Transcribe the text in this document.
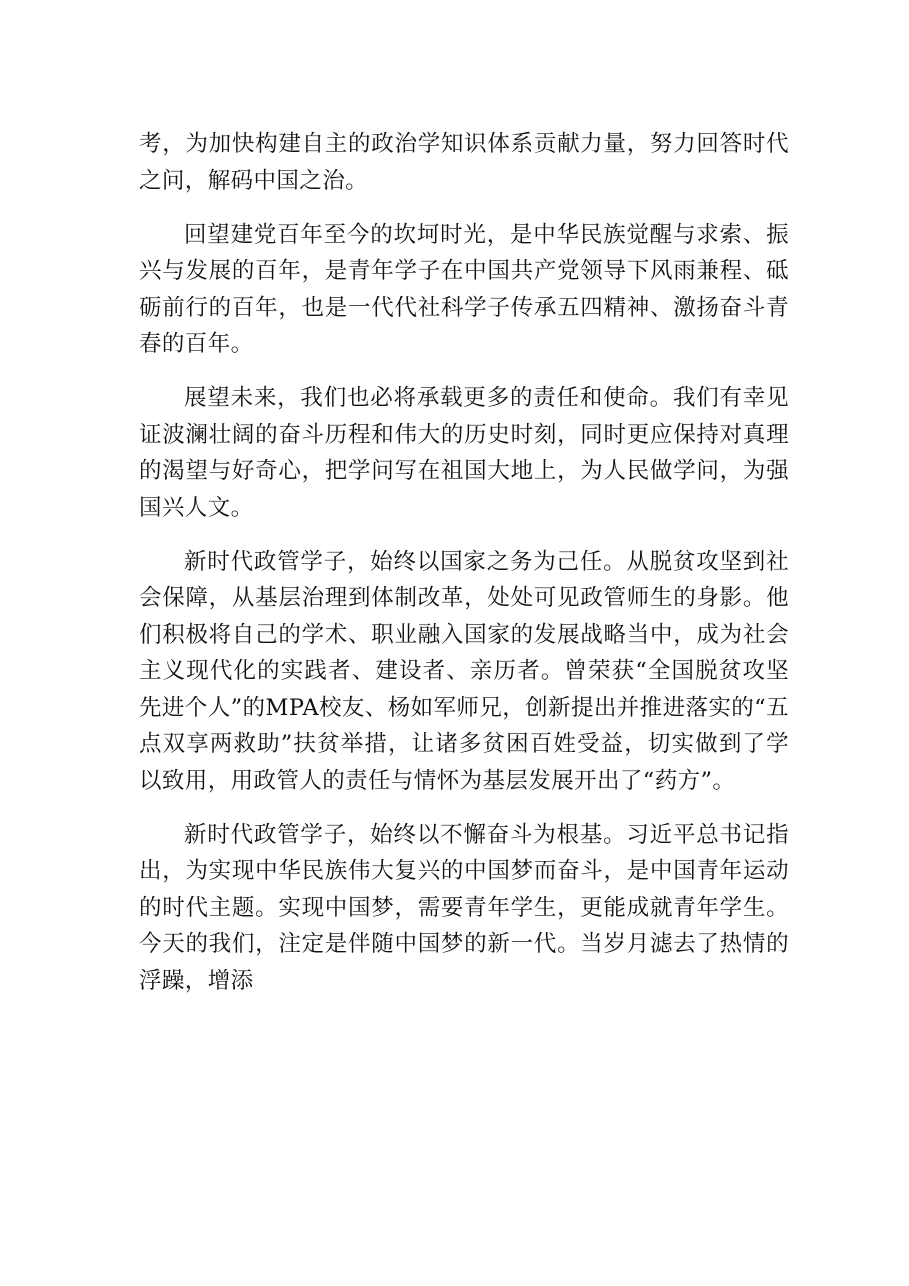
考，为加快构建自主的政治学知识体系贡献力量，努力回答时代之问，解码中国之治。

回望建党百年至今的坎坷时光，是中华民族觉醒与求索、振兴与发展的百年，是青年学子在中国共产党领导下风雨兼程、砥砺前行的百年，也是一代代社科学子传承五四精神、激扬奋斗青春的百年。

展望未来，我们也必将承载更多的责任和使命。我们有幸见证波澜壮阔的奋斗历程和伟大的历史时刻，同时更应保持对真理的渴望与好奇心，把学问写在祖国大地上，为人民做学问，为强国兴人文。

新时代政管学子，始终以国家之务为己任。从脱贫攻坚到社会保障，从基层治理到体制改革，处处可见政管师生的身影。他们积极将自己的学术、职业融入国家的发展战略当中，成为社会主义现代化的实践者、建设者、亲历者。曾荣获“全国脱贫攻坚先进个人”的MPA校友、杨如军师兄，创新提出并推进落实的“五点双享两救助”扶贫举措，让诸多贫困百姓受益，切实做到了学以致用，用政管人的责任与情怀为基层发展开出了“药方”。

新时代政管学子，始终以不懈奋斗为根基。习近平总书记指出，为实现中华民族伟大复兴的中国梦而奋斗，是中国青年运动的时代主题。实现中国梦，需要青年学生，更能成就青年学生。今天的我们，注定是伴随中国梦的新一代。当岁月滤去了热情的浮躁，增添
